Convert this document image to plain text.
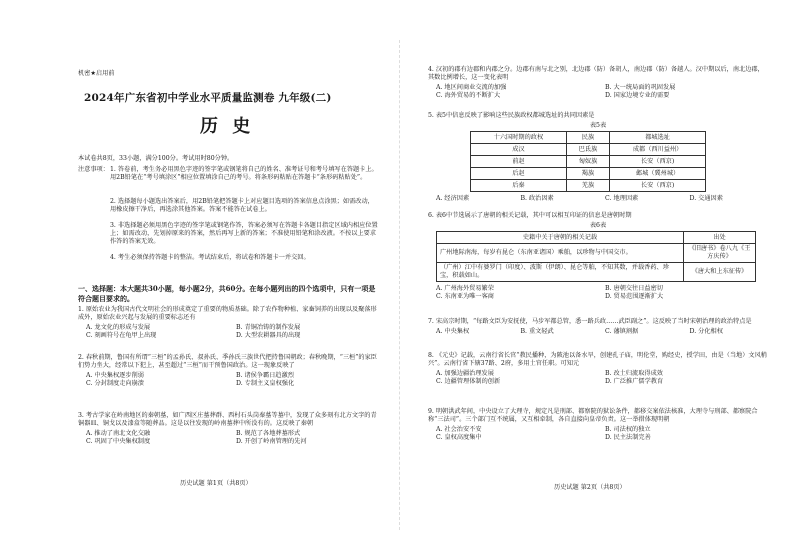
机密★启用前
2024年广东省初中学业水平质量监测卷 九年级(二)
历 史
本试卷共8页，33小题，满分100分。考试用时80分钟。
注意事项： 1. 答卷前，考生务必用黑色字迹的签字笔或钢笔将自己的姓名、准考证号和考号填写在答题卡上。用2B铅笔在“考号填涂区”相应位置填涂自己的考号。将条形码粘贴在答题卡“条形码粘贴处”。
2. 选择题每小题选出答案后，用2B铅笔把答题卡上对应题目选项的答案信息点涂黑；如需改动，用橡皮擦干净后，再选涂其他答案。答案不能答在试卷上。
3. 非选择题必须用黑色字迹的签字笔或钢笔作答，答案必须写在答题卡各题目指定区域内相应位置上；如需改动，先划掉原来的答案，然后再写上新的答案；不准使用铅笔和涂改液。不按以上要求作答的答案无效。
4. 考生必须保持答题卡的整洁。考试结束后，将试卷和答题卡一并交回。
一、选择题：本大题共30小题，每小题2分，共60分。在每小题列出的四个选项中，只有一项是符合题目要求的。
1. 原始农业为我国古代文明社会的形成奠定了重要的物质基础。除了农作物种植、家畜饲养的出现以及聚落形成外，原始农业兴起与发展的重要标志还有
A. 龙文化的形成与发展	B. 青铜冶铸的制作发展
C. 刻画符号在龟甲上出现	D. 大型农耕器具的出现
2. 春秋前期，鲁国有所谓“三桓”的孟孙氏、叔孙氏、季孙氏三族世代把持鲁国朝政；春秋晚期，“三桓”的家臣们势力坐大，经常以下犯上，甚至超过“三桓”而干预鲁国政治。这一现象反映了
A. 中央集权逐步削弱	B. 诸侯争霸日趋激烈
C. 分封制度走向崩溃	D. 专制主义皇权强化
3. 考古学家在岭南地区的秦朝墓，如广西区庄墓葬群、西村石头岗秦墓等墓中，发现了众多刻有北方文字的青铜器皿、铜戈以及漆盒等随葬品。这是以往发现的岭南墓葬中所没有的。这反映了秦朝
A. 推动了南北文化交融	B. 规范了各地葬墓形式
C. 巩固了中央集权制度	D. 开创了岭南管理的先河
历史试题 第1页（共8页）
4. 汉初的郡有边郡和内郡之分。边郡有南与北之别，北边郡（防）备胡人，南边郡（防）备越人。汉中期以后，南北边郡，其数比例增长，这一变化表明
A. 地区间商业交流的加强	B. 大一统局面的巩固发展
C. 海外贸易的不断扩大	D. 国家边境专业的需要
5. 表5中信息反映了影响这些民族政权都城选址的共同因素是
表5表
十六国时期的政权	民族	都城选址
成汉	巴氐族	成都（西川益州）
前赵	匈奴族	长安（西京)
后赵	羯族	邺城（冀州城）
后秦	羌族	长安（西京)
A. 经济因素	B. 政治因素	C. 地理因素	D. 交通因素
6. 表6中节选展示了唐朝的相关记载，其中可以相互印证的信息是唐朝时期
表6表
史籍中关于唐朝的相关记载	出处
广州地际南海，每岁有昆仑（东南亚诸国）乘舶，以珍物与中国交市。	《旧唐书》卷八九《王方庆传》
（广州）江中有婆罗门（印度）、波斯（伊朗）、昆仑等舶，不知其数，并载香药、珍宝，积载如山。	《唐大和上东征传》
A. 广州海外贸易繁荣	B. 唐朝交往日益密切
C. 东南亚为唯一客商	D. 贸易范围逐渐扩大
7. 宋高宗时期，“每路文臣为安抚使，马步军都总管，悉一路兵政……武臣副之”。这反映了当时宋朝治理的政治特点是
A. 中央集权	B. 重文轻武	C. 藩镇割据	D. 分化相权
8. 《元史》记载，云南行省长官“教民播种，为陂池以备水旱，创建孔子庙，明伦堂，购经史，授学田，由是（当地）文风稍兴”。云南行省下辖37路、2府，多用土官任职。可知元
A. 加强边疆治理发展	B. 改土归流取得成效
C. 边疆管理体制的创新	D. 广泛推广儒学教育
9. 明朝洪武年间，中央设立了大理寺，规定凡是刑部、都察院的狱讼条件，都移交案依法核准，大理寺与刑部、都察院合称“三法司”。三个部门互不统属，又互相牵制，各自直接向皇帝负责。这一举措体现明朝
A. 社会治安不安	B. 司法权的独立
C. 皇权高度集中	D. 民主法制完善
历史试题 第2页（共8页）
